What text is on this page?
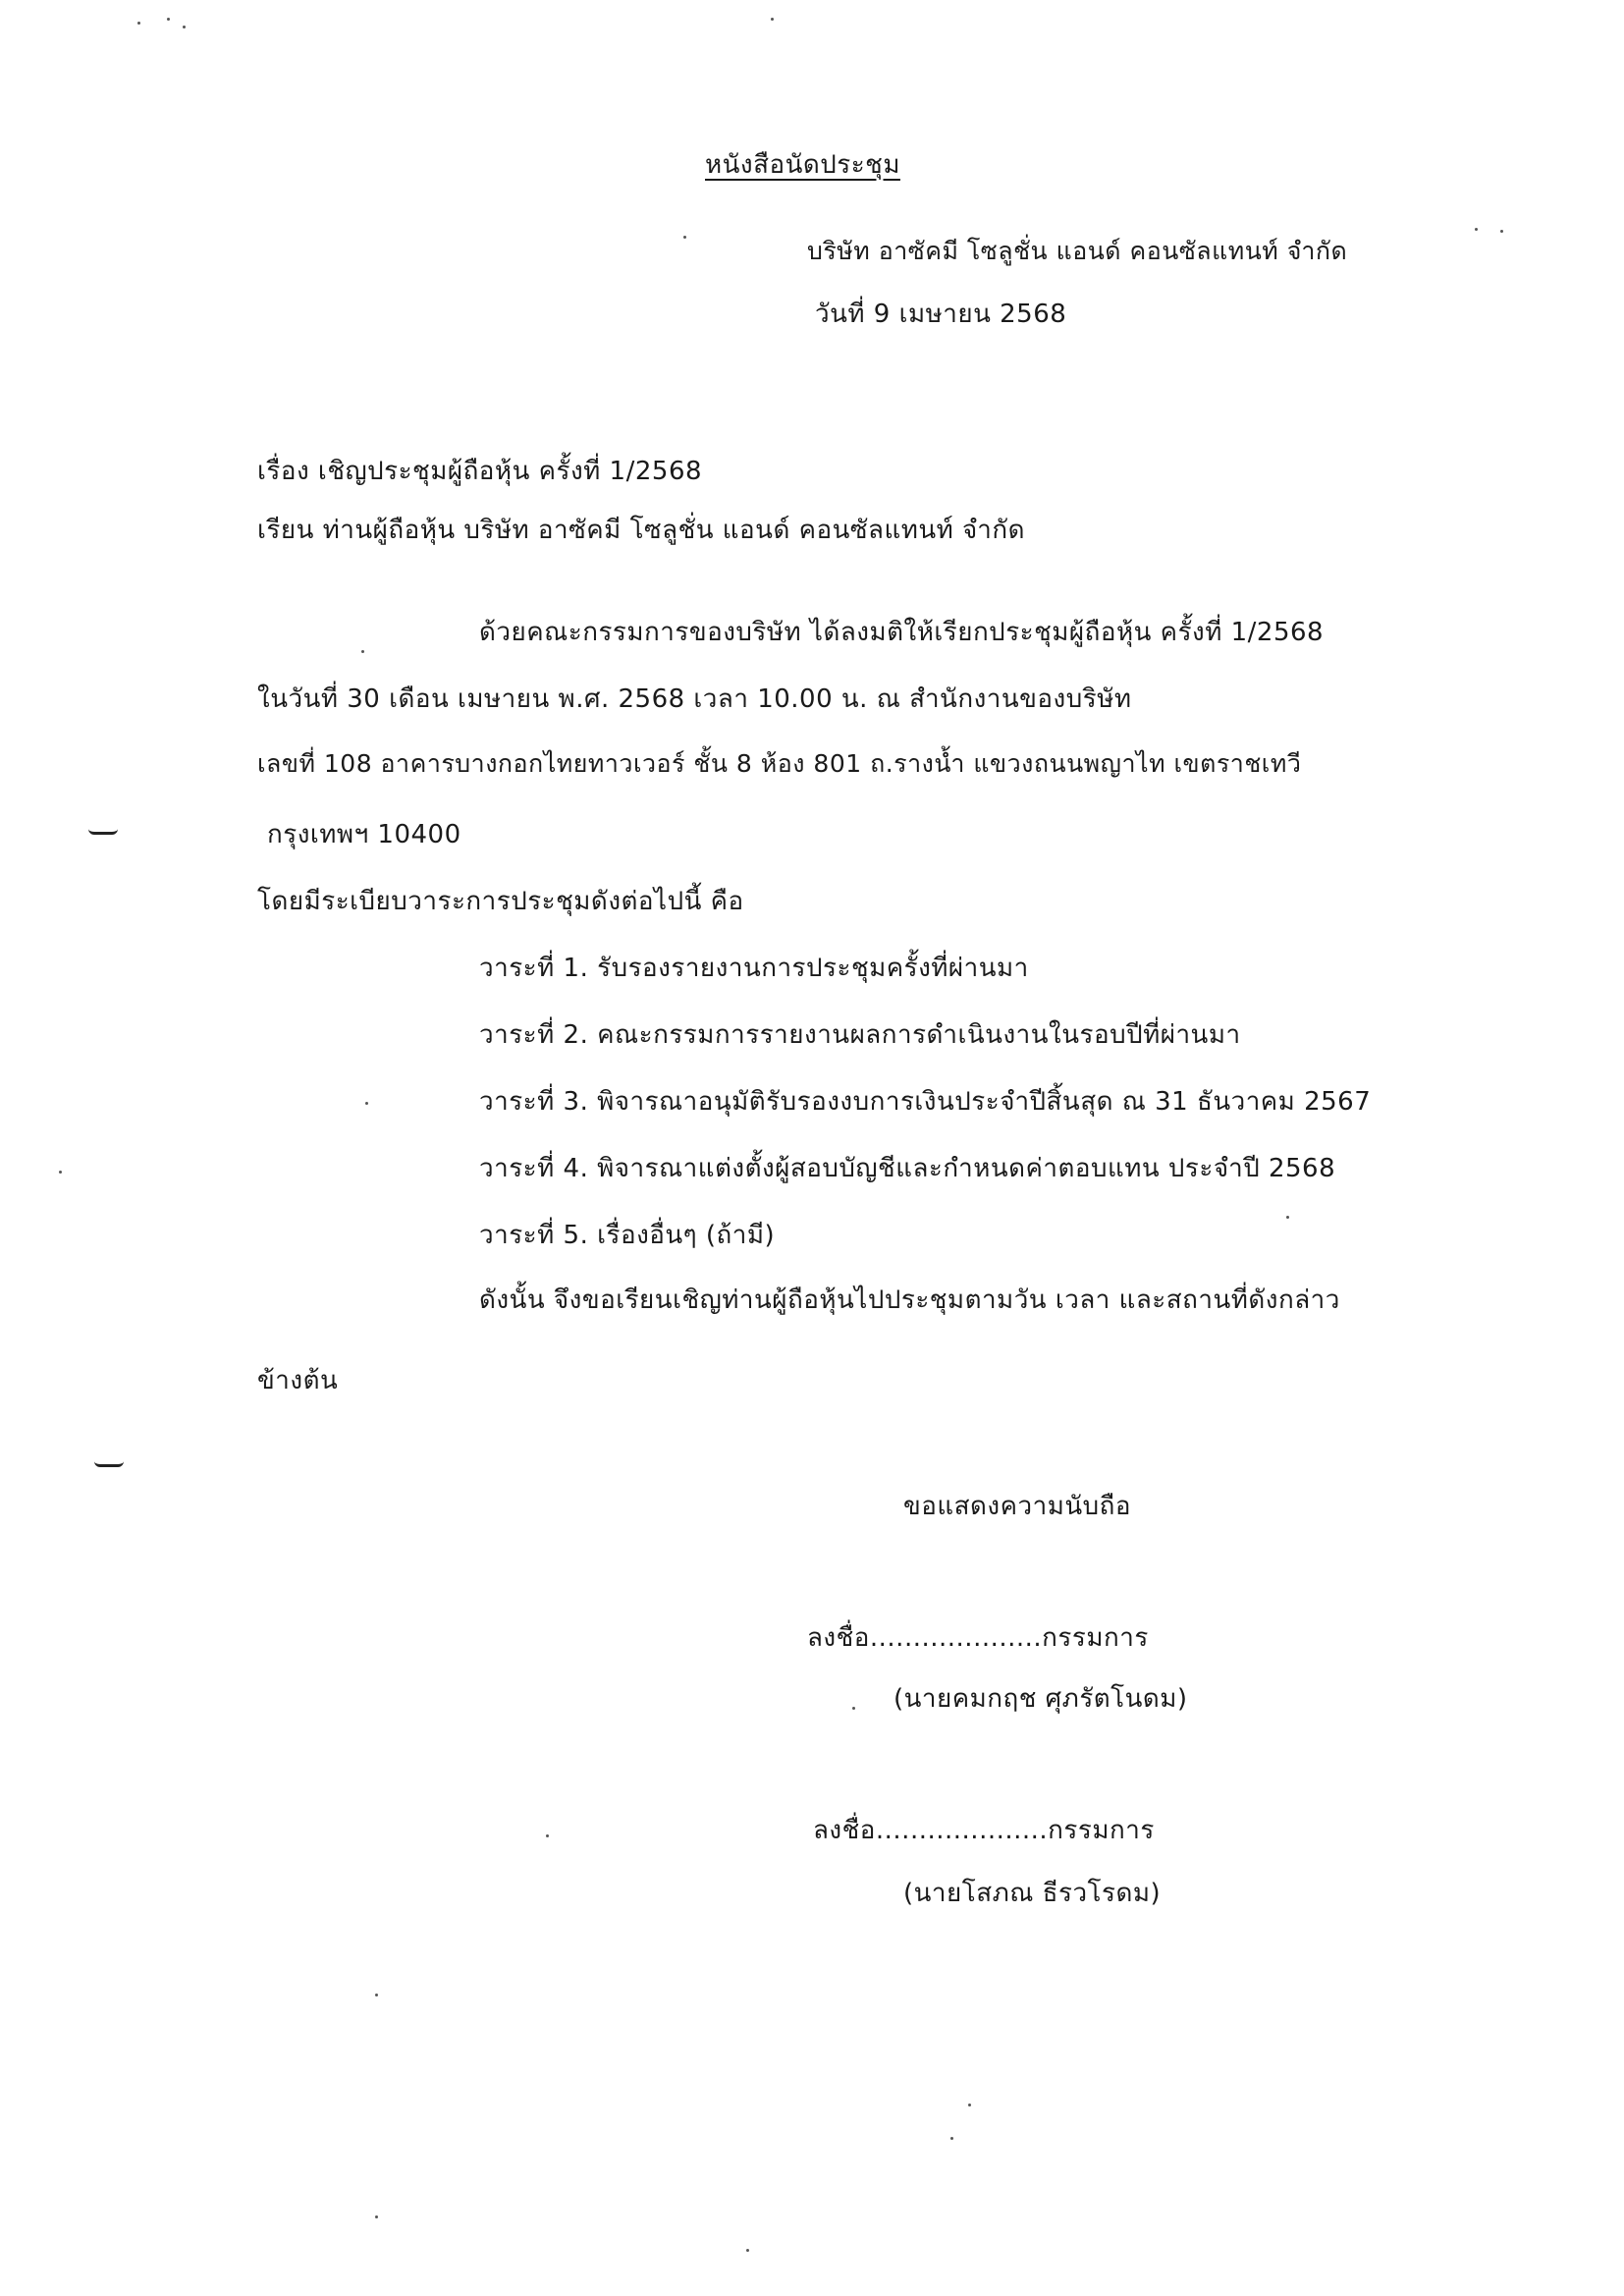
หนังสือนัดประชุม
บริษัท อาซัคมี โซลูชั่น แอนด์ คอนซัลแทนท์ จำกัด
วันที่ 9 เมษายน 2568
เรื่อง เชิญประชุมผู้ถือหุ้น ครั้งที่ 1/2568
เรียน ท่านผู้ถือหุ้น บริษัท อาซัคมี โซลูชั่น แอนด์ คอนซัลแทนท์ จำกัด
ด้วยคณะกรรมการของบริษัท ได้ลงมติให้เรียกประชุมผู้ถือหุ้น ครั้งที่ 1/2568
ในวันที่ 30 เดือน เมษายน พ.ศ. 2568 เวลา 10.00 น. ณ สำนักงานของบริษัท
เลขที่ 108 อาคารบางกอกไทยทาวเวอร์ ชั้น 8 ห้อง 801 ถ.รางน้ำ แขวงถนนพญาไท เขตราชเทวี
กรุงเทพฯ 10400
โดยมีระเบียบวาระการประชุมดังต่อไปนี้ คือ
วาระที่ 1. รับรองรายงานการประชุมครั้งที่ผ่านมา
วาระที่ 2. คณะกรรมการรายงานผลการดำเนินงานในรอบปีที่ผ่านมา
วาระที่ 3. พิจารณาอนุมัติรับรองงบการเงินประจำปีสิ้นสุด ณ 31 ธันวาคม 2567
วาระที่ 4. พิจารณาแต่งตั้งผู้สอบบัญชีและกำหนดค่าตอบแทน ประจำปี 2568
วาระที่ 5. เรื่องอื่นๆ (ถ้ามี)
ดังนั้น จึงขอเรียนเชิญท่านผู้ถือหุ้นไปประชุมตามวัน เวลา และสถานที่ดังกล่าว
ข้างต้น
ขอแสดงความนับถือ
ลงชื่อ....................กรรมการ
(นายคมกฤช ศุภรัตโนดม)
ลงชื่อ....................กรรมการ
(นายโสภณ ธีรวโรดม)
